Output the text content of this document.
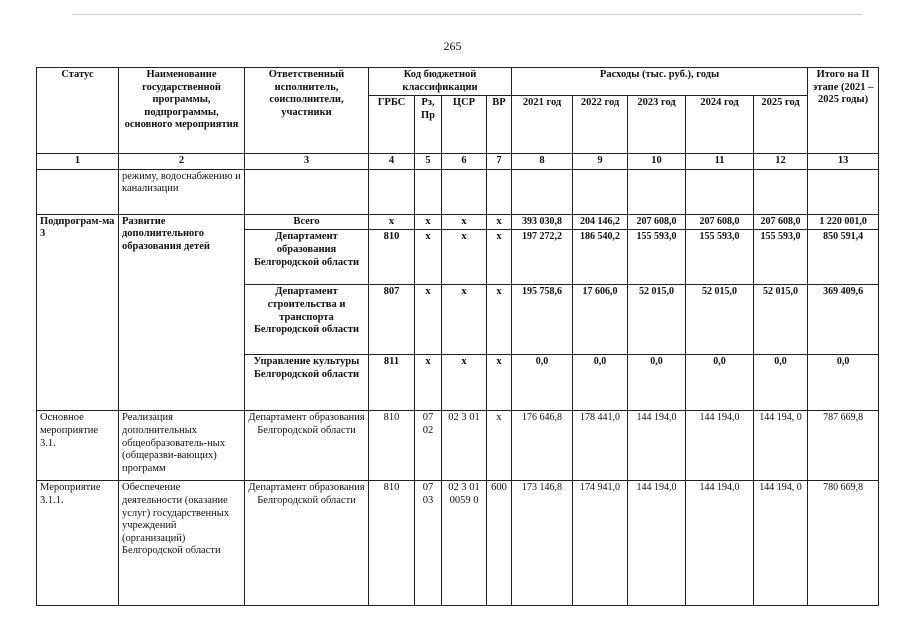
265
Статус	Наименование государственной программы, подпрограммы, основного мероприятия	Ответственный исполнитель, соисполнители, участники	Код бюджетной классификации				Расходы (тыс. руб.), годы					Итого на II этапе (2021 – 2025 годы)
			ГРБС	Рз, Пр	ЦСР	ВР	2021 год	2022 год	2023 год	2024 год	2025 год	
1	2	3	4	5	6	7	8	9	10	11	12	13
	режиму, водоснабжению и канализации											
Подпрограм-ма 3	Развитие дополнительного образования детей	Всего	х	х	х	х	393 030,8	204 146,2	207 608,0	207 608,0	207 608,0	1 220 001,0
		Департамент образования Белгородской области	810	х	х	х	197 272,2	186 540,2	155 593,0	155 593,0	155 593,0	850 591,4
		Департамент строительства и транспорта Белгородской области	807	х	х	х	195 758,6	17 606,0	52 015,0	52 015,0	52 015,0	369 409,6
		Управление культуры Белгородской области	811	х	х	х	0,0	0,0	0,0	0,0	0,0	0,0
Основное мероприятие 3.1.	Реализация дополнительных общеобразователь-ных (общеразви-вающих) программ	Департамент образования Белгородской области	810	07 02	02 3 01	х	176 646,8	178 441,0	144 194,0	144 194,0	144 194, 0	787 669,8
Мероприятие 3.1.1.	Обеспечение деятельности (оказание услуг) государственных учреждений (организаций) Белгородской области	Департамент образования Белгородской области	810	07 03	02 3 01 0059 0	600	173 146,8	174 941,0	144 194,0	144 194,0	144 194, 0	780 669,8
